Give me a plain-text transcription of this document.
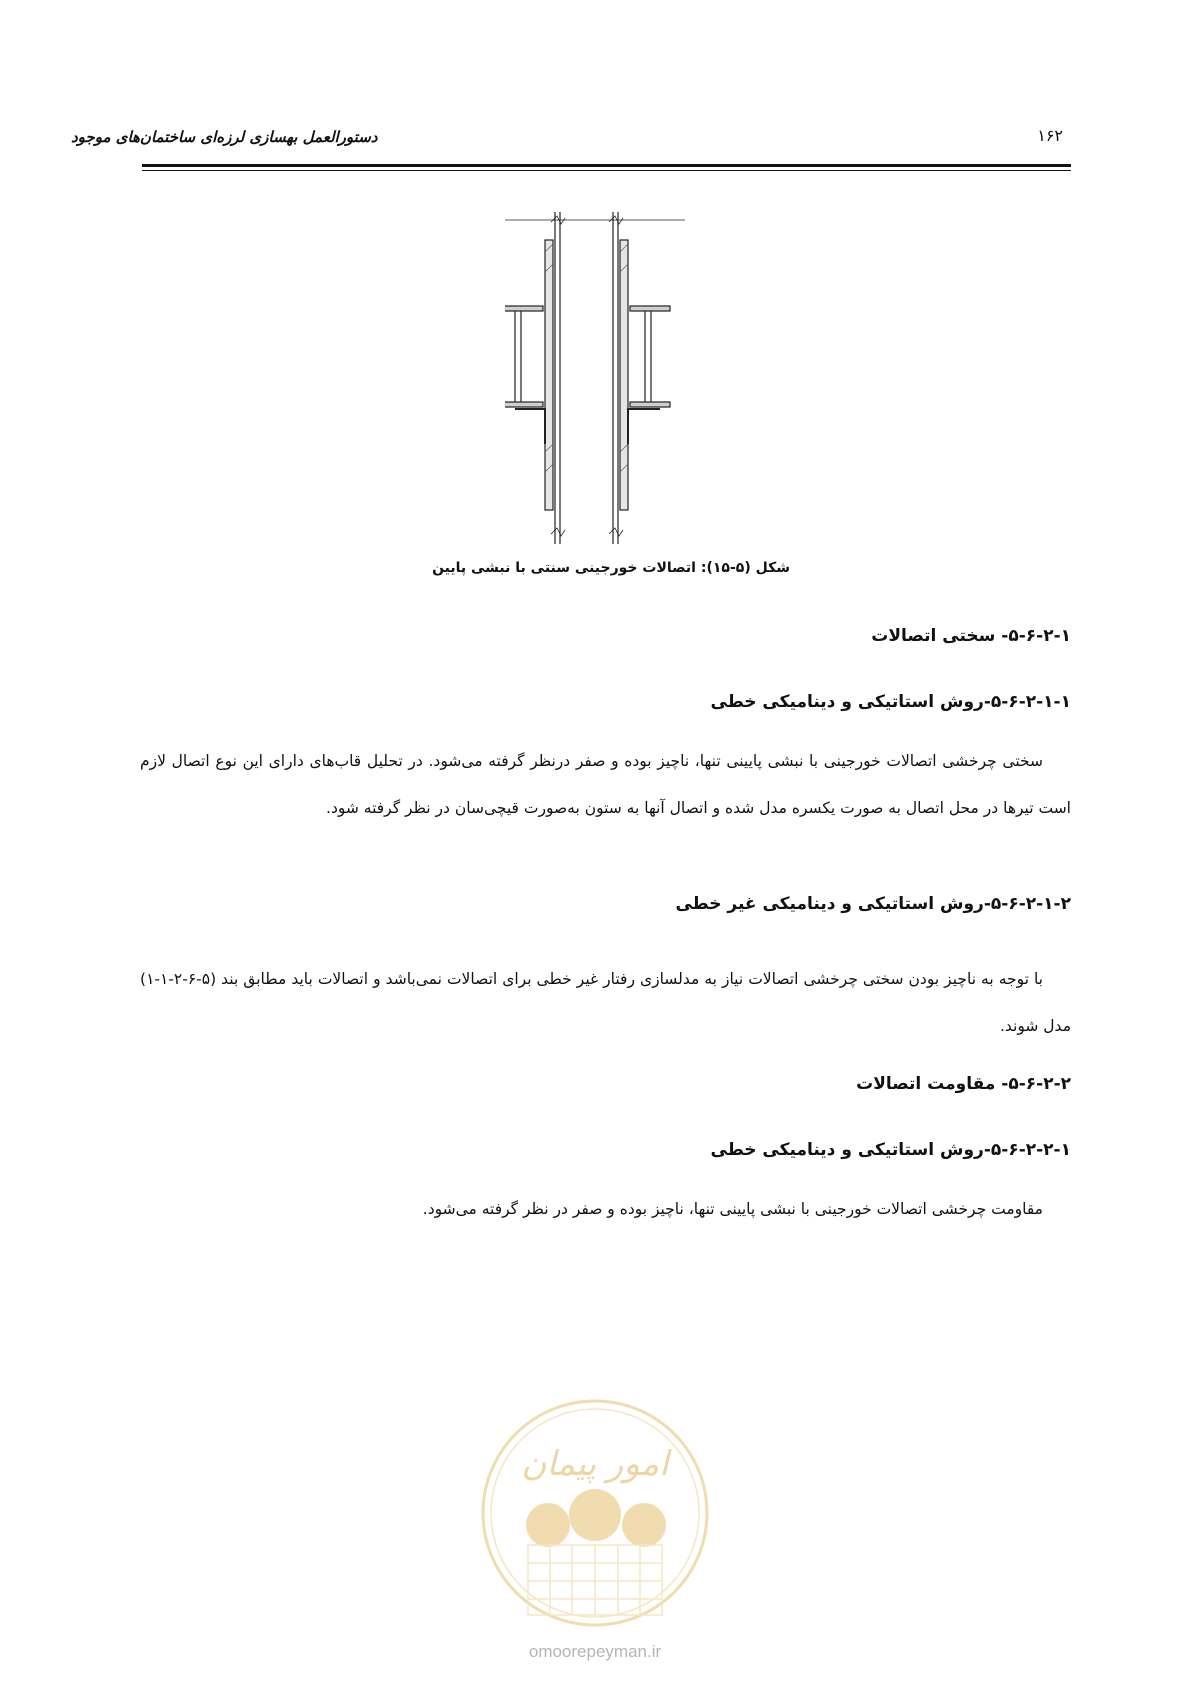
۱۶۲
دستورالعمل بهسازی لرزه‌ای ساختمان‌های موجود
شکل (۵-۱۵): اتصالات خورجینی سنتی با نبشی پایین
۵-۶-۲-۱- سختی اتصالات
۵-۶-۲-۱-۱-روش استاتیکی و دینامیکی خطی
سختی چرخشی اتصالات خورجینی با نبشی پایینی تنها، ناچیز بوده و صفر درنظر گرفته می‌شود. در تحلیل قاب‌های دارای این نوع اتصال لازم است تیرها در محل اتصال به صورت یکسره مدل شده و اتصال آنها به ستون به‌صورت قیچی‌سان در نظر گرفته شود.
۵-۶-۲-۱-۲-روش استاتیکی و دینامیکی غیر خطی
با توجه به ناچیز بودن سختی چرخشی اتصالات نیاز به مدلسازی رفتار غیر خطی برای اتصالات نمی‌باشد و اتصالات باید مطابق بند (۵-۶-۲-۱-۱) مدل شوند.
۵-۶-۲-۲- مقاومت اتصالات
۵-۶-۲-۲-۱-روش استاتیکی و دینامیکی خطی
مقاومت چرخشی اتصالات خورجینی با نبشی پایینی تنها، ناچیز بوده و صفر در نظر گرفته می‌شود.
امور پیمان
omoorepeyman.ir
